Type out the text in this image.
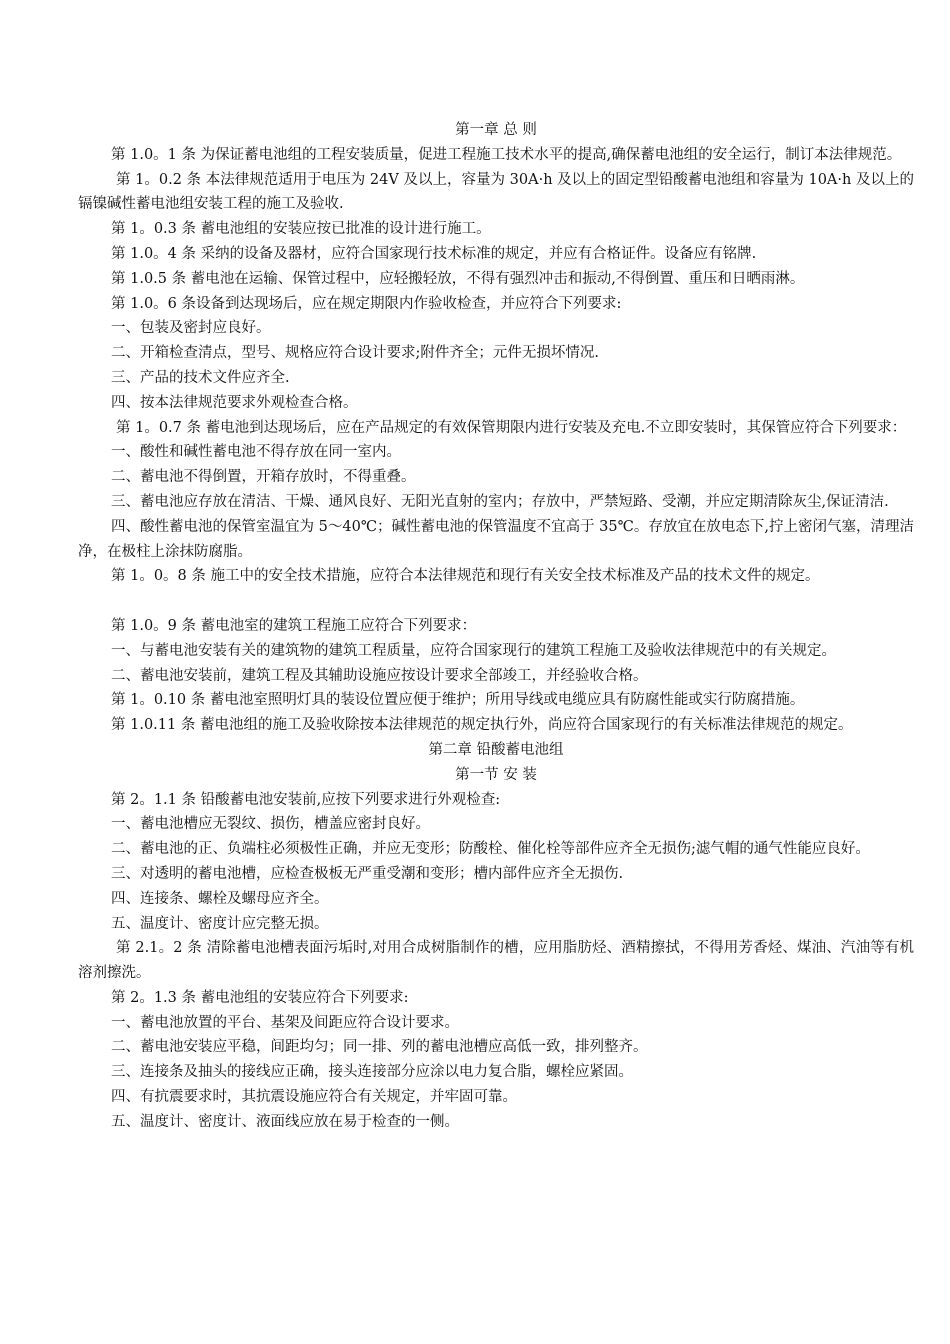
第一章 总 则
第 1.0。1 条 为保证蓄电池组的工程安装质量，促进工程施工技术水平的提高,确保蓄电池组的安全运行，制订本法律规范。
第 1。0.2 条 本法律规范适用于电压为 24V 及以上，容量为 30A·h 及以上的固定型铅酸蓄电池组和容量为 10A·h 及以上的镉镍碱性蓄电池组安装工程的施工及验收.
第 1。0.3 条 蓄电池组的安装应按已批准的设计进行施工。
第 1.0。4 条 采纳的设备及器材，应符合国家现行技术标准的规定，并应有合格证件。设备应有铭牌.
第 1.0.5 条 蓄电池在运输、保管过程中，应轻搬轻放，不得有强烈冲击和振动,不得倒置、重压和日晒雨淋。
第 1.0。6 条设备到达现场后，应在规定期限内作验收检查，并应符合下列要求:
一、包装及密封应良好。
二、开箱检查清点，型号、规格应符合设计要求;附件齐全；元件无损坏情况.
三、产品的技术文件应齐全.
四、按本法律规范要求外观检查合格。
第 1。0.7 条 蓄电池到达现场后，应在产品规定的有效保管期限内进行安装及充电.不立即安装时，其保管应符合下列要求：
一、酸性和碱性蓄电池不得存放在同一室内。
二、蓄电池不得倒置，开箱存放时，不得重叠。
三、蓄电池应存放在清洁、干燥、通风良好、无阳光直射的室内；存放中，严禁短路、受潮，并应定期清除灰尘,保证清洁.
四、酸性蓄电池的保管室温宜为 5～40℃；碱性蓄电池的保管温度不宜高于 35℃。存放宜在放电态下,拧上密闭气塞，清理洁净，在极柱上涂抹防腐脂。
第 1。0。8 条 施工中的安全技术措施，应符合本法律规范和现行有关安全技术标准及产品的技术文件的规定。
第 1.0。9 条 蓄电池室的建筑工程施工应符合下列要求：
一、与蓄电池安装有关的建筑物的建筑工程质量，应符合国家现行的建筑工程施工及验收法律规范中的有关规定。
二、蓄电池安装前，建筑工程及其辅助设施应按设计要求全部竣工，并经验收合格。
第 1。0.10 条 蓄电池室照明灯具的装设位置应便于维护；所用导线或电缆应具有防腐性能或实行防腐措施。
第 1.0.11 条 蓄电池组的施工及验收除按本法律规范的规定执行外，尚应符合国家现行的有关标准法律规范的规定。
第二章 铅酸蓄电池组
第一节 安 装
第 2。1.1 条 铅酸蓄电池安装前,应按下列要求进行外观检查:
一、蓄电池槽应无裂纹、损伤，槽盖应密封良好。
二、蓄电池的正、负端柱必须极性正确，并应无变形；防酸栓、催化栓等部件应齐全无损伤;滤气帽的通气性能应良好。
三、对透明的蓄电池槽，应检查极板无严重受潮和变形；槽内部件应齐全无损伤.
四、连接条、螺栓及螺母应齐全。
五、温度计、密度计应完整无损。
第 2.1。2 条 清除蓄电池槽表面污垢时,对用合成树脂制作的槽，应用脂肪烃、酒精擦拭，不得用芳香烃、煤油、汽油等有机溶剂擦洗。
第 2。1.3 条 蓄电池组的安装应符合下列要求:
一、蓄电池放置的平台、基架及间距应符合设计要求。
二、蓄电池安装应平稳，间距均匀；同一排、列的蓄电池槽应高低一致，排列整齐。
三、连接条及抽头的接线应正确，接头连接部分应涂以电力复合脂，螺栓应紧固。
四、有抗震要求时，其抗震设施应符合有关规定，并牢固可靠。
五、温度计、密度计、液面线应放在易于检查的一侧。
